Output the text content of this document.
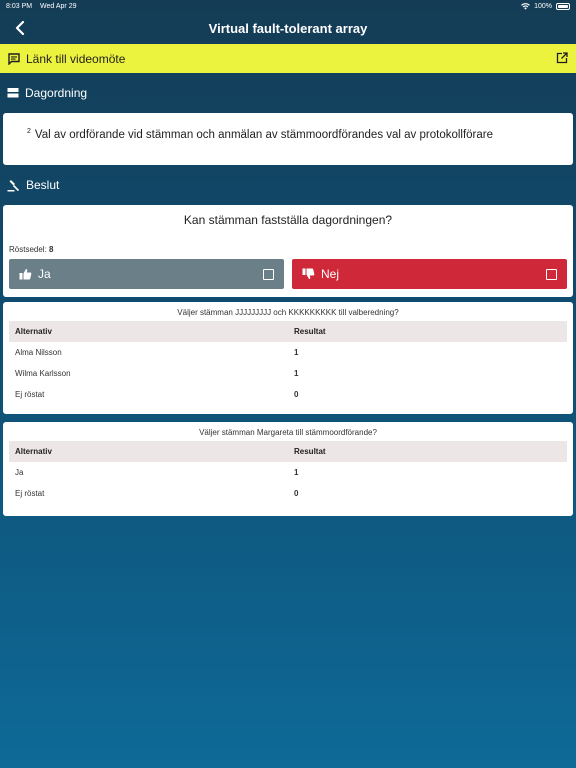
8:03 PM Wed Apr 29	100%
Virtual fault-tolerant array
Länk till videomöte
Dagordning
$^2$ Val av ordförande vid stämman och anmälan av stämmoordförandes val av protokollförare
Beslut
Kan stämman fastställa dagordningen?
Röstsedel: 8
Ja	Nej
Väljer stämman JJJJJJJJJ och KKKKKKKKK till valberedning?
Alternativ	Resultat
Alma Nilsson	1
Wilma Karlsson	1
Ej röstat	0
Väljer stämman Margareta till stämmoordförande?
Alternativ	Resultat
Ja	1
Ej röstat	0
